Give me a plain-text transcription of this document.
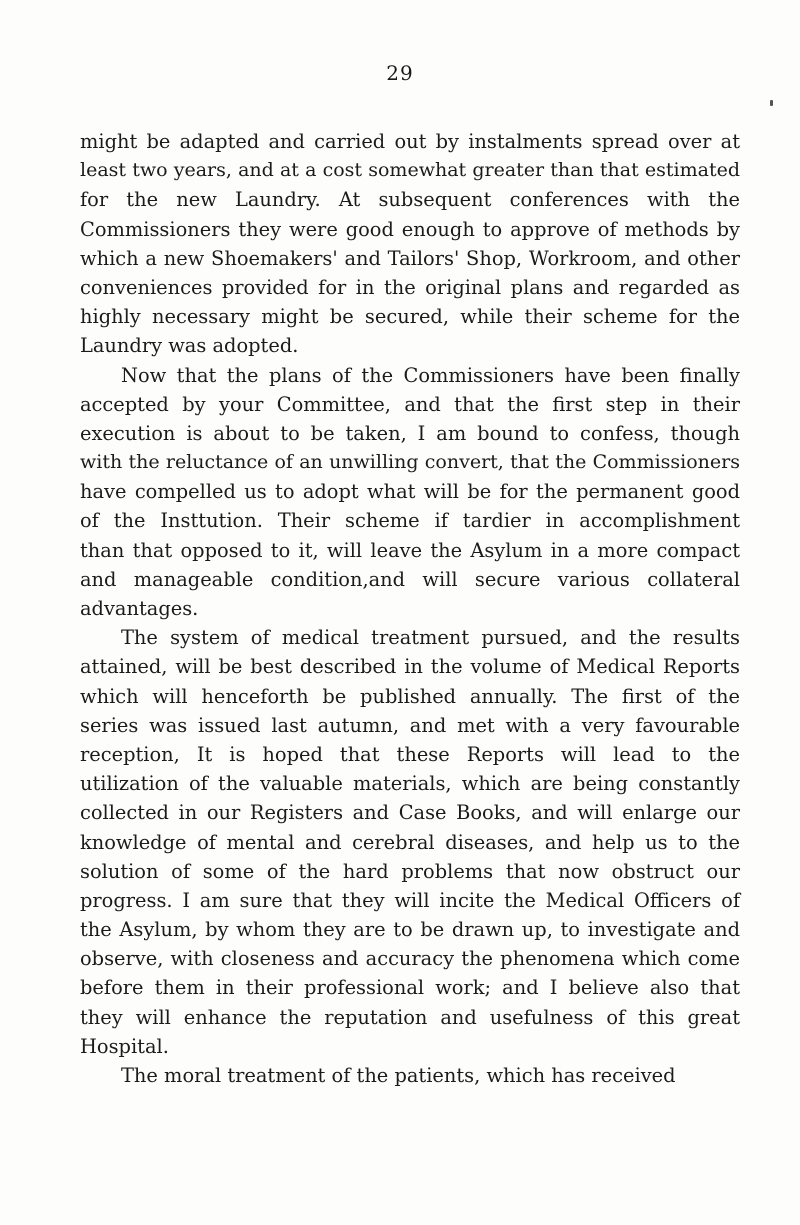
29
might be adapted and carried out by instalments spread over at
least two years, and at a cost somewhat greater than that estimated
for the new Laundry. At subsequent conferences with the
Commissioners they were good enough to approve of methods by
which a new Shoemakers' and Tailors' Shop, Workroom, and other
conveniences provided for in the original plans and regarded as
highly necessary might be secured, while their scheme for the
Laundry was adopted.
Now that the plans of the Commissioners have been finally
accepted by your Committee, and that the first step in their
execution is about to be taken, I am bound to confess, though
with the reluctance of an unwilling convert, that the Commissioners
have compelled us to adopt what will be for the permanent good
of the Insttution. Their scheme if tardier in accomplishment
than that opposed to it, will leave the Asylum in a more compact
and manageable condition,and will secure various collateral
advantages.
The system of medical treatment pursued, and the results
attained, will be best described in the volume of Medical Reports
which will henceforth be published annually. The first of the
series was issued last autumn, and met with a very favourable
reception, It is hoped that these Reports will lead to the
utilization of the valuable materials, which are being constantly
collected in our Registers and Case Books, and will enlarge our
knowledge of mental and cerebral diseases, and help us to the
solution of some of the hard problems that now obstruct our
progress. I am sure that they will incite the Medical Officers of
the Asylum, by whom they are to be drawn up, to investigate and
observe, with closeness and accuracy the phenomena which come
before them in their professional work; and I believe also that
they will enhance the reputation and usefulness of this great
Hospital.
The moral treatment of the patients, which has received
